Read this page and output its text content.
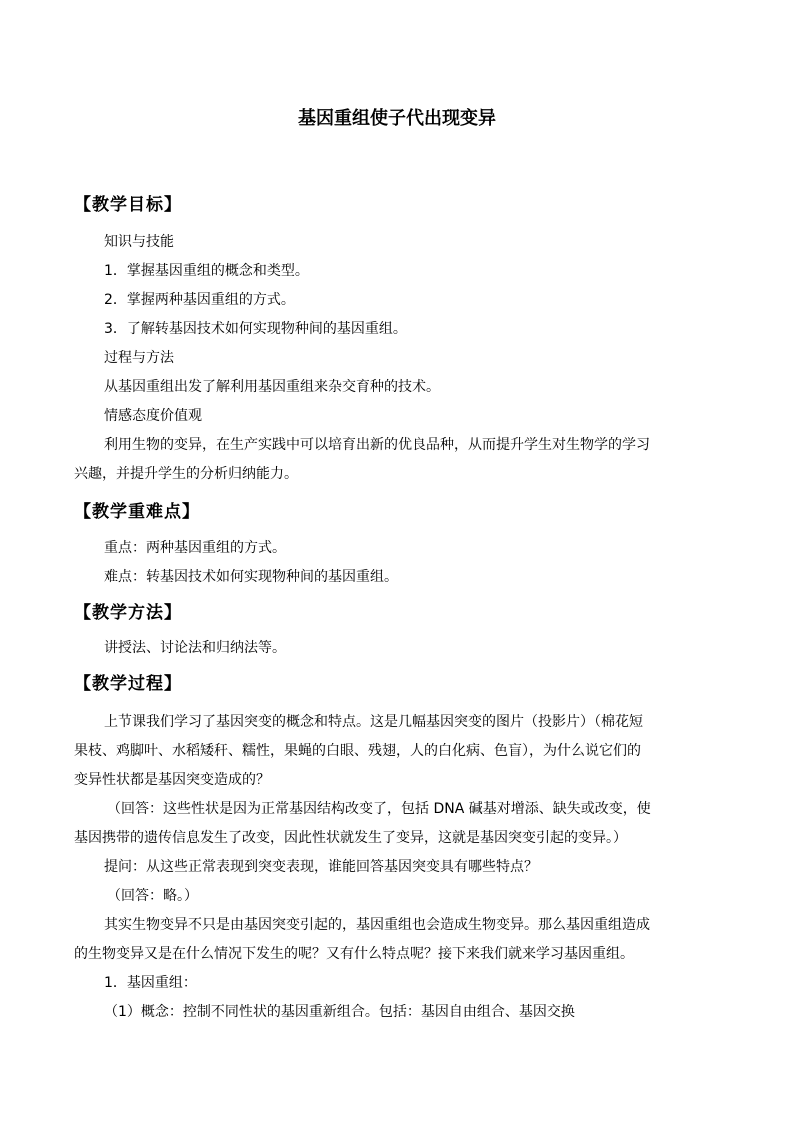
基因重组使子代出现变异
【教学目标】
知识与技能
1．掌握基因重组的概念和类型。
2．掌握两种基因重组的方式。
3．了解转基因技术如何实现物种间的基因重组。
过程与方法
从基因重组出发了解利用基因重组来杂交育种的技术。
情感态度价值观
利用生物的变异，在生产实践中可以培育出新的优良品种，从而提升学生对生物学的学习
兴趣，并提升学生的分析归纳能力。
【教学重难点】
重点：两种基因重组的方式。
难点：转基因技术如何实现物种间的基因重组。
【教学方法】
讲授法、讨论法和归纳法等。
【教学过程】
上节课我们学习了基因突变的概念和特点。这是几幅基因突变的图片（投影片）（棉花短
果枝、鸡脚叶、水稻矮秆、糯性，果蝇的白眼、残翅，人的白化病、色盲），为什么说它们的
变异性状都是基因突变造成的？
（回答：这些性状是因为正常基因结构改变了，包括 DNA 碱基对增添、缺失或改变，使
基因携带的遗传信息发生了改变，因此性状就发生了变异，这就是基因突变引起的变异。）
提问：从这些正常表现到突变表现，谁能回答基因突变具有哪些特点？
（回答：略。）
其实生物变异不只是由基因突变引起的，基因重组也会造成生物变异。那么基因重组造成
的生物变异又是在什么情况下发生的呢？又有什么特点呢？接下来我们就来学习基因重组。
1．基因重组：
（1）概念：控制不同性状的基因重新组合。包括：基因自由组合、基因交换
